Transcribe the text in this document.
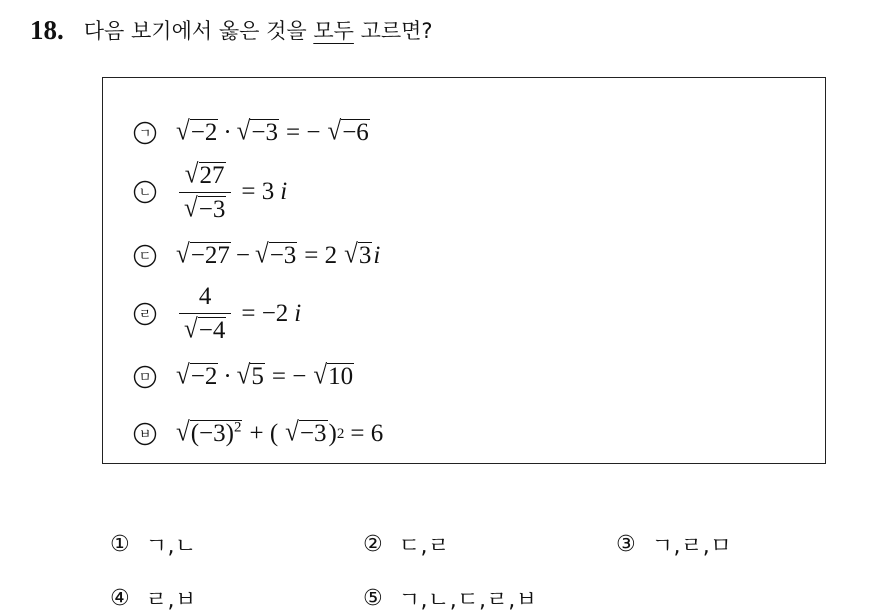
18. 다음 보기에서 옳은 것을 모두 고르면?
ㄱ √ −2 · √ −3 = − √ −6
ㄴ $\frac{√ 27}{√ -3} = 3$ i
ㄷ √ −27 − √ −3 = 2 √ 3 i
ㄹ $\frac{4}{√ -4} = -2$ i
ㅁ √ −2 · √ 5 = − √ 10
ㅂ √ $(-3)^2$ + ( √ −3 ) 2 = 6
① ㄱ,ㄴ	② ㄷ,ㄹ	③ ㄱ,ㄹ,ㅁ
④ ㄹ,ㅂ	⑤ ㄱ,ㄴ,ㄷ,ㄹ,ㅂ
